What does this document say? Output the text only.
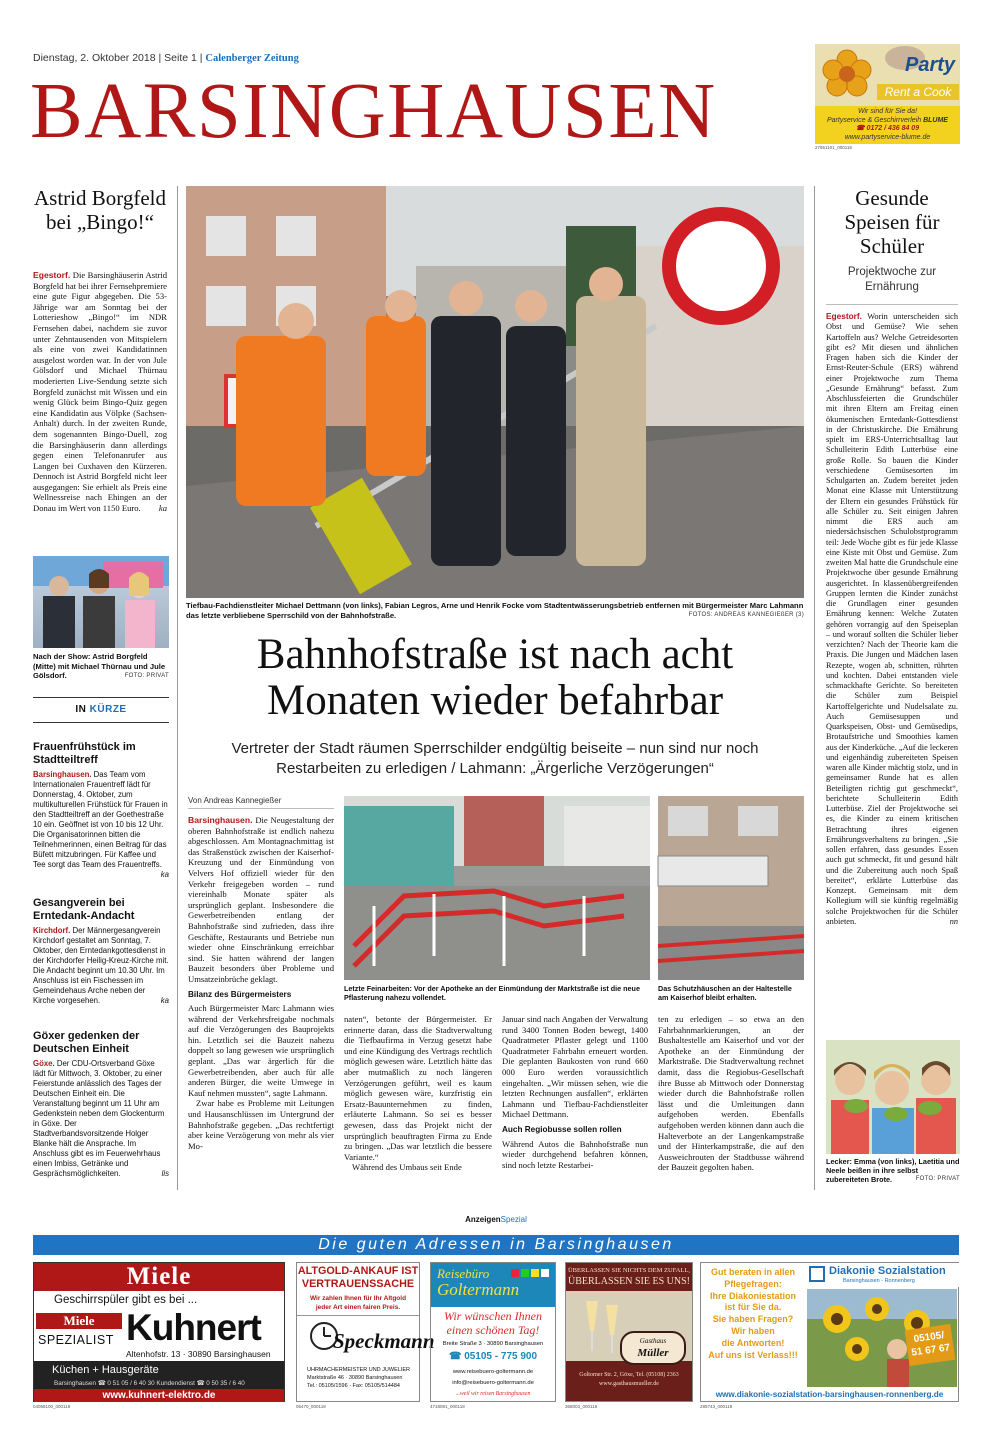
Dienstag, 2. Oktober 2018 | Seite 1 | Calenberger Zeitung
BARSINGHAUSEN
Party
Rent a Cook
Wir sind für Sie da!
Partyservice & Geschirrverleih BLUME
☎ 0172 / 436 84 09
www.partyservice-blume.de
27651101_000118
Astrid Borgfeld bei „Bingo!“
Egestorf. Die Barsinghäuserin Astrid Borgfeld hat bei ihrer Fernsehpremiere eine gute Figur abgegeben. Die 53-Jährige war am Sonntag bei der Lotterieshow „Bingo!“ im NDR Fernsehen dabei, nachdem sie zuvor unter Zehntausenden von Mitspielern als eine von zwei Kandidatinnen ausgelost worden war. In der von Jule Gölsdorf und Michael Thürnau moderierten Live-Sendung setzte sich Borgfeld zunächst mit Wissen und ein wenig Glück beim Bingo-Quiz gegen eine Kandidatin aus Völpke (Sachsen-Anhalt) durch. In der zweiten Runde, dem sogenannten Bingo-Duell, zog die Barsinghäuserin dann allerdings gegen einen Telefonanrufer aus Langen bei Cuxhaven den Kürzeren. Dennoch ist Astrid Borgfeld nicht leer ausgegangen: Sie erhielt als Preis eine Wellnessreise nach Ehingen an der Donau im Wert von 1150 Euro. ka
Nach der Show: Astrid Borgfeld (Mitte) mit Michael Thürnau und Jule Gölsdorf.	FOTO: PRIVAT
IN KÜRZE
Frauenfrühstück im Stadtteiltreff
Barsinghausen. Das Team vom Internationalen Frauentreff lädt für Donnerstag, 4. Oktober, zum multikulturellen Frühstück für Frauen in den Stadtteiltreff an der Goethestraße 10 ein. Geöffnet ist von 10 bis 12 Uhr. Die Organisatorinnen bitten die Teilnehmerinnen, einen Beitrag für das Büfett mitzubringen. Für Kaffee und Tee sorgt das Team des Frauentreffs.
ka
Gesangverein bei Erntedank-Andacht
Kirchdorf. Der Männergesangverein Kirchdorf gestaltet am Sonntag, 7. Oktober, den Erntedankgottesdienst in der Kirchdorfer Heilig-Kreuz-Kirche mit. Die Andacht beginnt um 10.30 Uhr. Im Anschluss ist ein Fischessen im Gemeindehaus Arche neben der Kirche vorgesehen.	ka
Göxer gedenken der Deutschen Einheit
Göxe. Der CDU-Ortsverband Göxe lädt für Mittwoch, 3. Oktober, zu einer Feierstunde anlässlich des Tages der Deutschen Einheit ein. Die Veranstaltung beginnt um 11 Uhr am Gedenkstein neben dem Glockenturm in Göxe. Der Stadtverbandsvorsitzende Holger Blanke hält die Ansprache. Im Anschluss gibt es im Feuerwehrhaus einen Imbiss, Getränke und Gesprächsmöglichkeiten.	lis
Tiefbau-Fachdienstleiter Michael Dettmann (von links), Fabian Legros, Arne und Henrik Focke vom Stadtentwässerungsbetrieb entfernen mit Bürgermeister Marc Lahmann das letzte verbliebene Sperrschild von der Bahnhofstraße.	FOTOS: ANDREAS KANNEGIEßER (3)
Bahnhofstraße ist nach acht
Monaten wieder befahrbar
Vertreter der Stadt räumen Sperrschilder endgültig beiseite – nun sind nur noch
Restarbeiten zu erledigen / Lahmann: „Ärgerliche Verzögerungen“
Von Andreas Kannegießer
Barsinghausen. Die Neugestaltung der oberen Bahnhofstraße ist endlich nahezu abgeschlossen. Am Montagnachmittag ist das Straßenstück zwischen der Kaiserhof-Kreuzung und der Einmündung von Velvers Hof offiziell wieder für den Verkehr freigegeben worden – rund viereinhalb Monate später als ursprünglich geplant. Insbesondere die Gewerbetreibenden entlang der Bahnhofstraße sind zufrieden, dass ihre Geschäfte, Restaurants und Betriebe nun wieder ohne Einschränkung erreichbar sind. Sie hatten während der langen Bauzeit besonders über Probleme und Umsatzeinbrüche geklagt.
Bilanz des Bürgermeisters
Auch Bürgermeister Marc Lahmann wies während der Verkehrsfreigabe nochmals auf die Verzögerungen des Bauprojekts hin. Letztlich sei die Bauzeit nahezu doppelt so lang gewesen wie ursprünglich geplant. „Das war ärgerlich für die Gewerbetreibenden, aber auch für alle anderen Bürger, die weite Umwege in Kauf nehmen mussten“, sagte Lahmann.
Zwar habe es Probleme mit Leitungen und Hausanschlüssen im Untergrund der Bahnhofstraße gegeben. „Das rechtfertigt aber keine Verzögerung von mehr als vier Mo-
Letzte Feinarbeiten: Vor der Apotheke an der Einmündung der Marktstraße ist die neue Pflasterung nahezu vollendet.
Das Schutzhäuschen an der Haltestelle am Kaiserhof bleibt erhalten.
naten“, betonte der Bürgermeister. Er erinnerte daran, dass die Stadtverwaltung die Tiefbaufirma in Verzug gesetzt habe und eine Kündigung des Vertrags rechtlich möglich gewesen wäre. Letztlich hätte das aber mutmaßlich zu noch längeren Verzögerungen geführt, weil es kaum möglich gewesen wäre, kurzfristig ein Ersatz-Bauunternehmen zu finden, erläuterte Lahmann. So sei es besser gewesen, dass das Projekt nicht der ursprünglich beauftragten Firma zu Ende zu bringen. „Das war letztlich die bessere Variante.“
Während des Umbaus seit Ende
Januar sind nach Angaben der Verwaltung rund 3400 Tonnen Boden bewegt, 1400 Quadratmeter Pflaster gelegt und 1100 Quadratmeter Fahrbahn erneuert worden. Die geplanten Baukosten von rund 660 000 Euro werden voraussichtlich eingehalten. „Wir müssen sehen, wie die letzten Rechnungen ausfallen“, erklärten Lahmann und Tiefbau-Fachdienstleiter Michael Dettmann.
Auch Regiobusse sollen rollen
Während Autos die Bahnhofstraße nun wieder durchgehend befahren können, sind noch letzte Restarbei-
ten zu erledigen – so etwa an den Fahrbahnmarkierungen, an der Bushaltestelle am Kaiserhof und vor der Apotheke an der Einmündung der Marktstraße. Die Stadtverwaltung rechnet damit, dass die Regiobus-Gesellschaft ihre Busse ab Mittwoch oder Donnerstag wieder durch die Bahnhofstraße rollen lässt und die Umleitungen dann aufgehoben werden. Ebenfalls aufgehoben werden können dann auch die Halteverbote an der Langenkampstraße und der Hinterkampstraße, die auf den Ausweichrouten der Stadtbusse während der Bauzeit gegolten haben.
Gesunde Speisen für Schüler
Projektwoche zur Ernährung
Egestorf. Worin unterscheiden sich Obst und Gemüse? Wie sehen Kartoffeln aus? Welche Getreidesorten gibt es? Mit diesen und ähnlichen Fragen haben sich die Kinder der Ernst-Reuter-Schule (ERS) während einer Projektwoche zum Thema „Gesunde Ernährung“ befasst. Zum Abschlussfeierten die Grundschüler mit ihren Eltern am Freitag einen ökumenischen Erntedank-Gottesdienst in der Christuskirche. Die Ernährung spielt im ERS-Unterrichtsalltag laut Schulleiterin Edith Lutterbüse eine große Rolle. So bauen die Kinder verschiedene Gemüsesorten im Schulgarten an. Zudem bereitet jeden Monat eine Klasse mit Unterstützung der Eltern ein gesundes Frühstück für alle Schüler zu. Seit einigen Jahren nimmt die ERS auch am niedersächsischen Schulobstprogramm teil: Jede Woche gibt es für jede Klasse eine Kiste mit Obst und Gemüse. Zum zweiten Mal hatte die Grundschule eine Projektwoche über gesunde Ernährung ausgerichtet. In klassenübergreifenden Gruppen lernten die Kinder zunächst die Grundlagen einer gesunden Ernährung kennen: Welche Zutaten gehören vorrangig auf den Speiseplan – und worauf sollten die Schüler lieber verzichten? Nach der Theorie kam die Praxis. Die Jungen und Mädchen lasen Rezepte, wogen ab, schnitten, rührten und kochten. Dabei entstanden viele schmackhafte Gerichte. So bereiteten die Schüler zum Beispiel Kartoffelgerichte und Nudelsalate zu. Auch Gemüsesuppen und Quarkspeisen, Obst- und Gemüsedips, Brotaufstriche und Smoothies kamen aus der Kinderküche. „Auf die leckeren und eigenhändig zubereiteten Speisen waren alle Kinder mächtig stolz, und in gemeinsamer Runde hat es allen Beteiligten richtig gut geschmeckt“, berichtete Schulleiterin Edith Lutterbüse. Ziel der Projektwoche sei es, die Kinder zu einem kritischen Betrachtung ihres eigenen Ernährungsverhaltens zu bringen. „Sie sollen erfahren, dass gesundes Essen auch gut schmeckt, fit und gesund hält und die Zubereitung auch noch Spaß bereitet“, erklärte Lutterbüse das Konzept. Gemeinsam mit dem Kollegium will sie künftig regelmäßig solche Projektwochen für die Schüler anbieten.	nn
Lecker: Emma (von links), Laetitia und Neele beißen in ihre selbst zubereiteten Brote.	FOTO: PRIVAT
AnzeigenSpezial
Die guten Adressen in Barsinghausen
Miele
Geschirrspüler gibt es bei ...
Miele
SPEZIALIST Kuhnert
Altenhofstr. 13 · 30890 Barsinghausen
Küchen + Hausgeräte
Barsinghausen ☎ 0 51 05 / 6 40 30 Kundendienst ☎ 0 50 35 / 6 40
www.kuhnert-elektro.de
04058100_000118
ALTGOLD-ANKAUF IST
VERTRAUENSSACHE
Wir zahlen Ihnen für Ihr Altgold
jeder Art einen fairen Preis.
Speckmann
UHRMACHERMEISTER UND JUWELIER
Marktstraße 46 · 30890 Barsinghausen
Tel.: 05105/1596 · Fax: 05105/514484
05470_000118
Reisebüro
Goltermann
Wir wünschen Ihnen
einen schönen Tag!
Breite Straße 3 · 30890 Barsinghausen
☎ 05105 - 775 900
www.reisebuero-goltermann.de
info@reisebuero-goltermann.de
...weil wir reisen Barsinghausen
4718081_000118
ÜBERLASSEN SIE NICHTS DEM ZUFALL,
ÜBERLASSEN SIE ES UNS!
Gasthaus
Müller
Goltorner Str. 2, Göxe, Tel. (05108) 2363
www.gasthausmueller.de
368003_000118
Gut beraten in allen
Pflegefragen:
Ihre Diakoniestation
ist für Sie da.
Sie haben Fragen?
Wir haben
die Antworten!
Auf uns ist Verlass!!!
Diakonie Sozialstation
Barsinghausen - Ronnenberg
05105/
51 67 67
www.diakonie-sozialstation-barsinghausen-ronnenberg.de
295743_000118
